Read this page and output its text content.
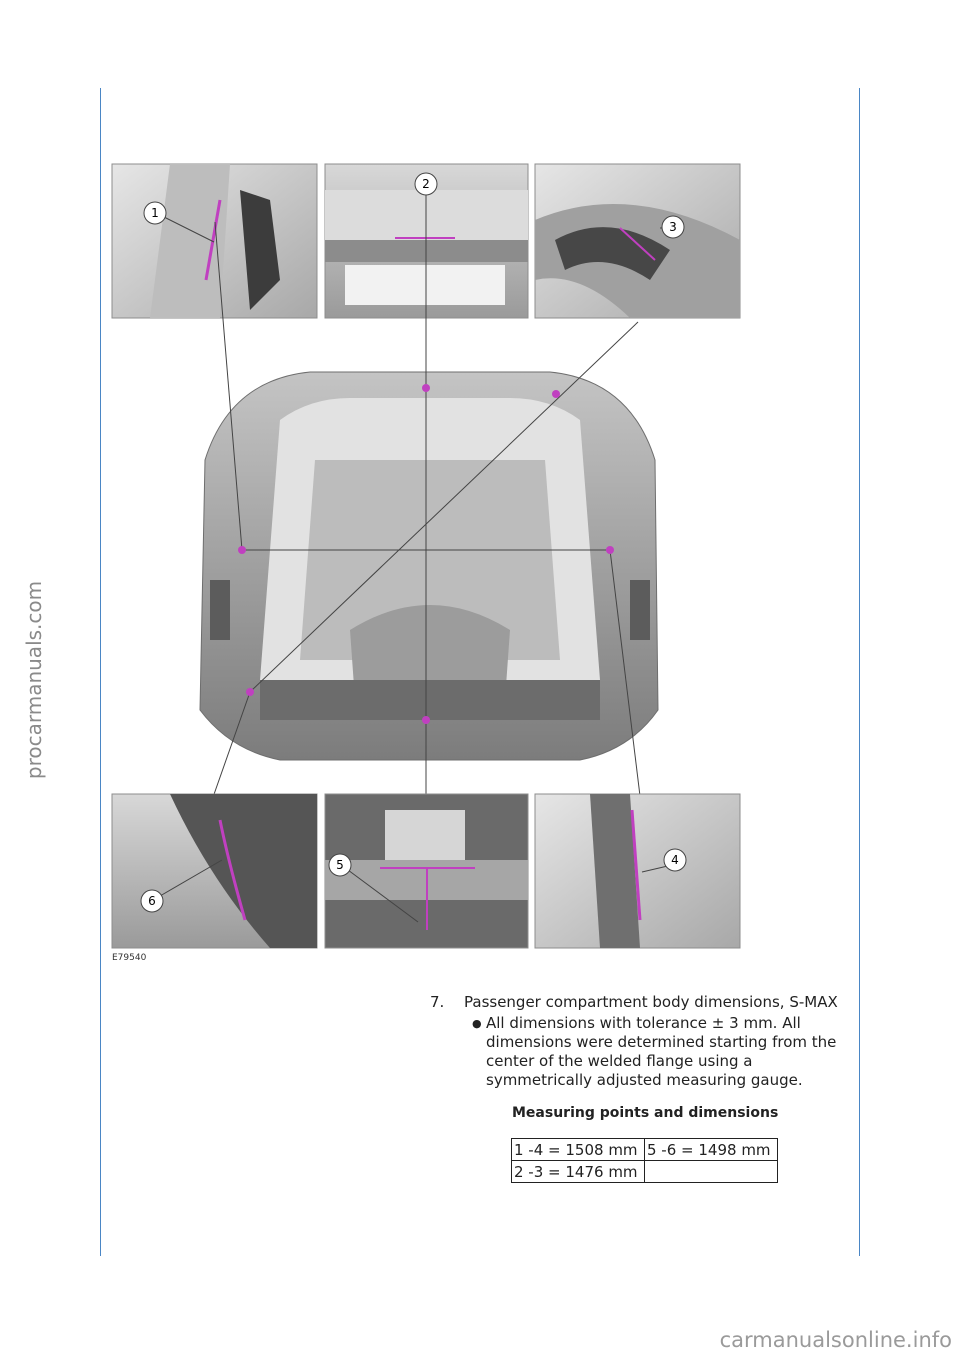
procarmanuals.com
1
2
3
4
5
6
E79540
7. Passenger compartment body dimensions, S-MAX
● All dimensions with tolerance ± 3 mm. All dimensions were determined starting from the center of the welded flange using a symmetrically adjusted measuring gauge.
Measuring points and dimensions
1 -4 = 1508 mm	5 -6 = 1498 mm
2 -3 = 1476 mm	
carmanualsonline.info
